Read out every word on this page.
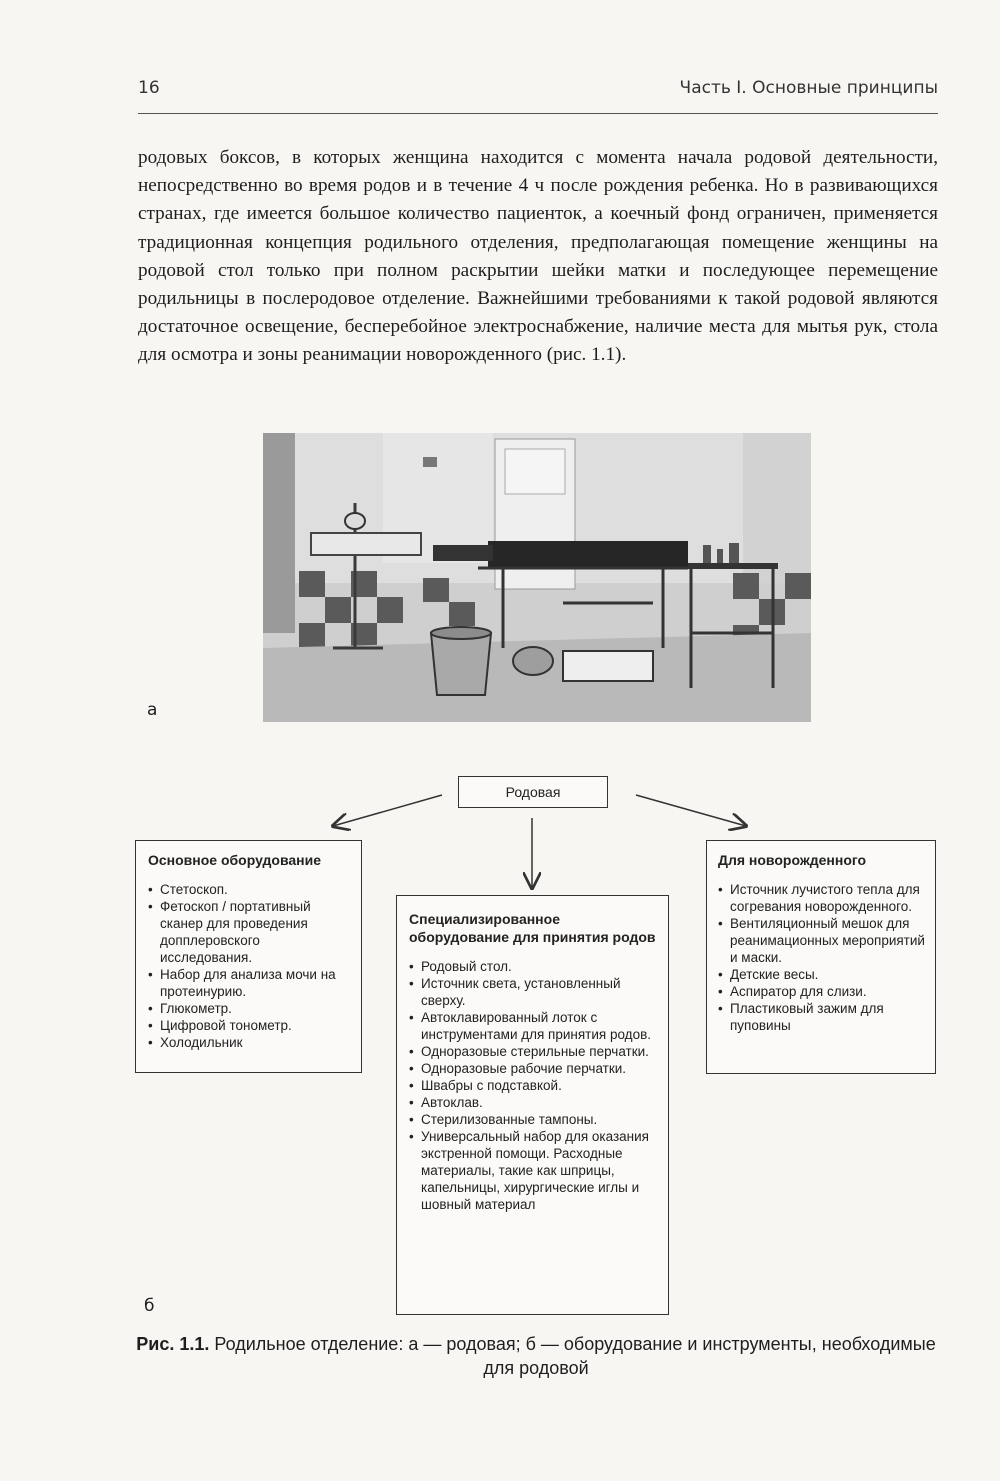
16	Часть I. Основные принципы

родовых боксов, в которых женщина находится с момента начала родовой деятельности, непосредственно во время родов и в течение 4 ч после рождения ребенка. Но в развивающихся странах, где имеется большое количество пациенток, а коечный фонд ограничен, применяется традиционная концепция родильного отделения, предполагающая помещение женщины на родовой стол только при полном раскрытии шейки матки и последующее перемещение родильницы в послеродовое отделение. Важнейшими требованиями к такой родовой являются достаточное освещение, бесперебойное электроснабжение, наличие места для мытья рук, стола для осмотра и зоны реанимации новорожденного (рис. 1.1).

а
Родовая
Основное оборудование
• Стетоскоп.
• Фетоскоп / портативный сканер для проведения допплеровского исследования.
• Набор для анализа мочи на протеинурию.
• Глюкометр.
• Цифровой тонометр.
• Холодильник
Специализированное оборудование для принятия родов
• Родовый стол.
• Источник света, установленный сверху.
• Автоклавированный лоток с инструментами для принятия родов.
• Одноразовые стерильные перчатки.
• Одноразовые рабочие перчатки.
• Швабры с подставкой.
• Автоклав.
• Стерилизованные тампоны.
• Универсальный набор для оказания экстренной помощи. Расходные материалы, такие как шприцы, капельницы, хирургические иглы и шовный материал
Для новорожденного
• Источник лучистого тепла для согревания новорожденного.
• Вентиляционный мешок для реанимационных мероприятий и маски.
• Детские весы.
• Аспиратор для слизи.
• Пластиковый зажим для пуповины
б
Рис. 1.1. Родильное отделение: а — родовая; б — оборудование и инструменты, необходимые для родовой
